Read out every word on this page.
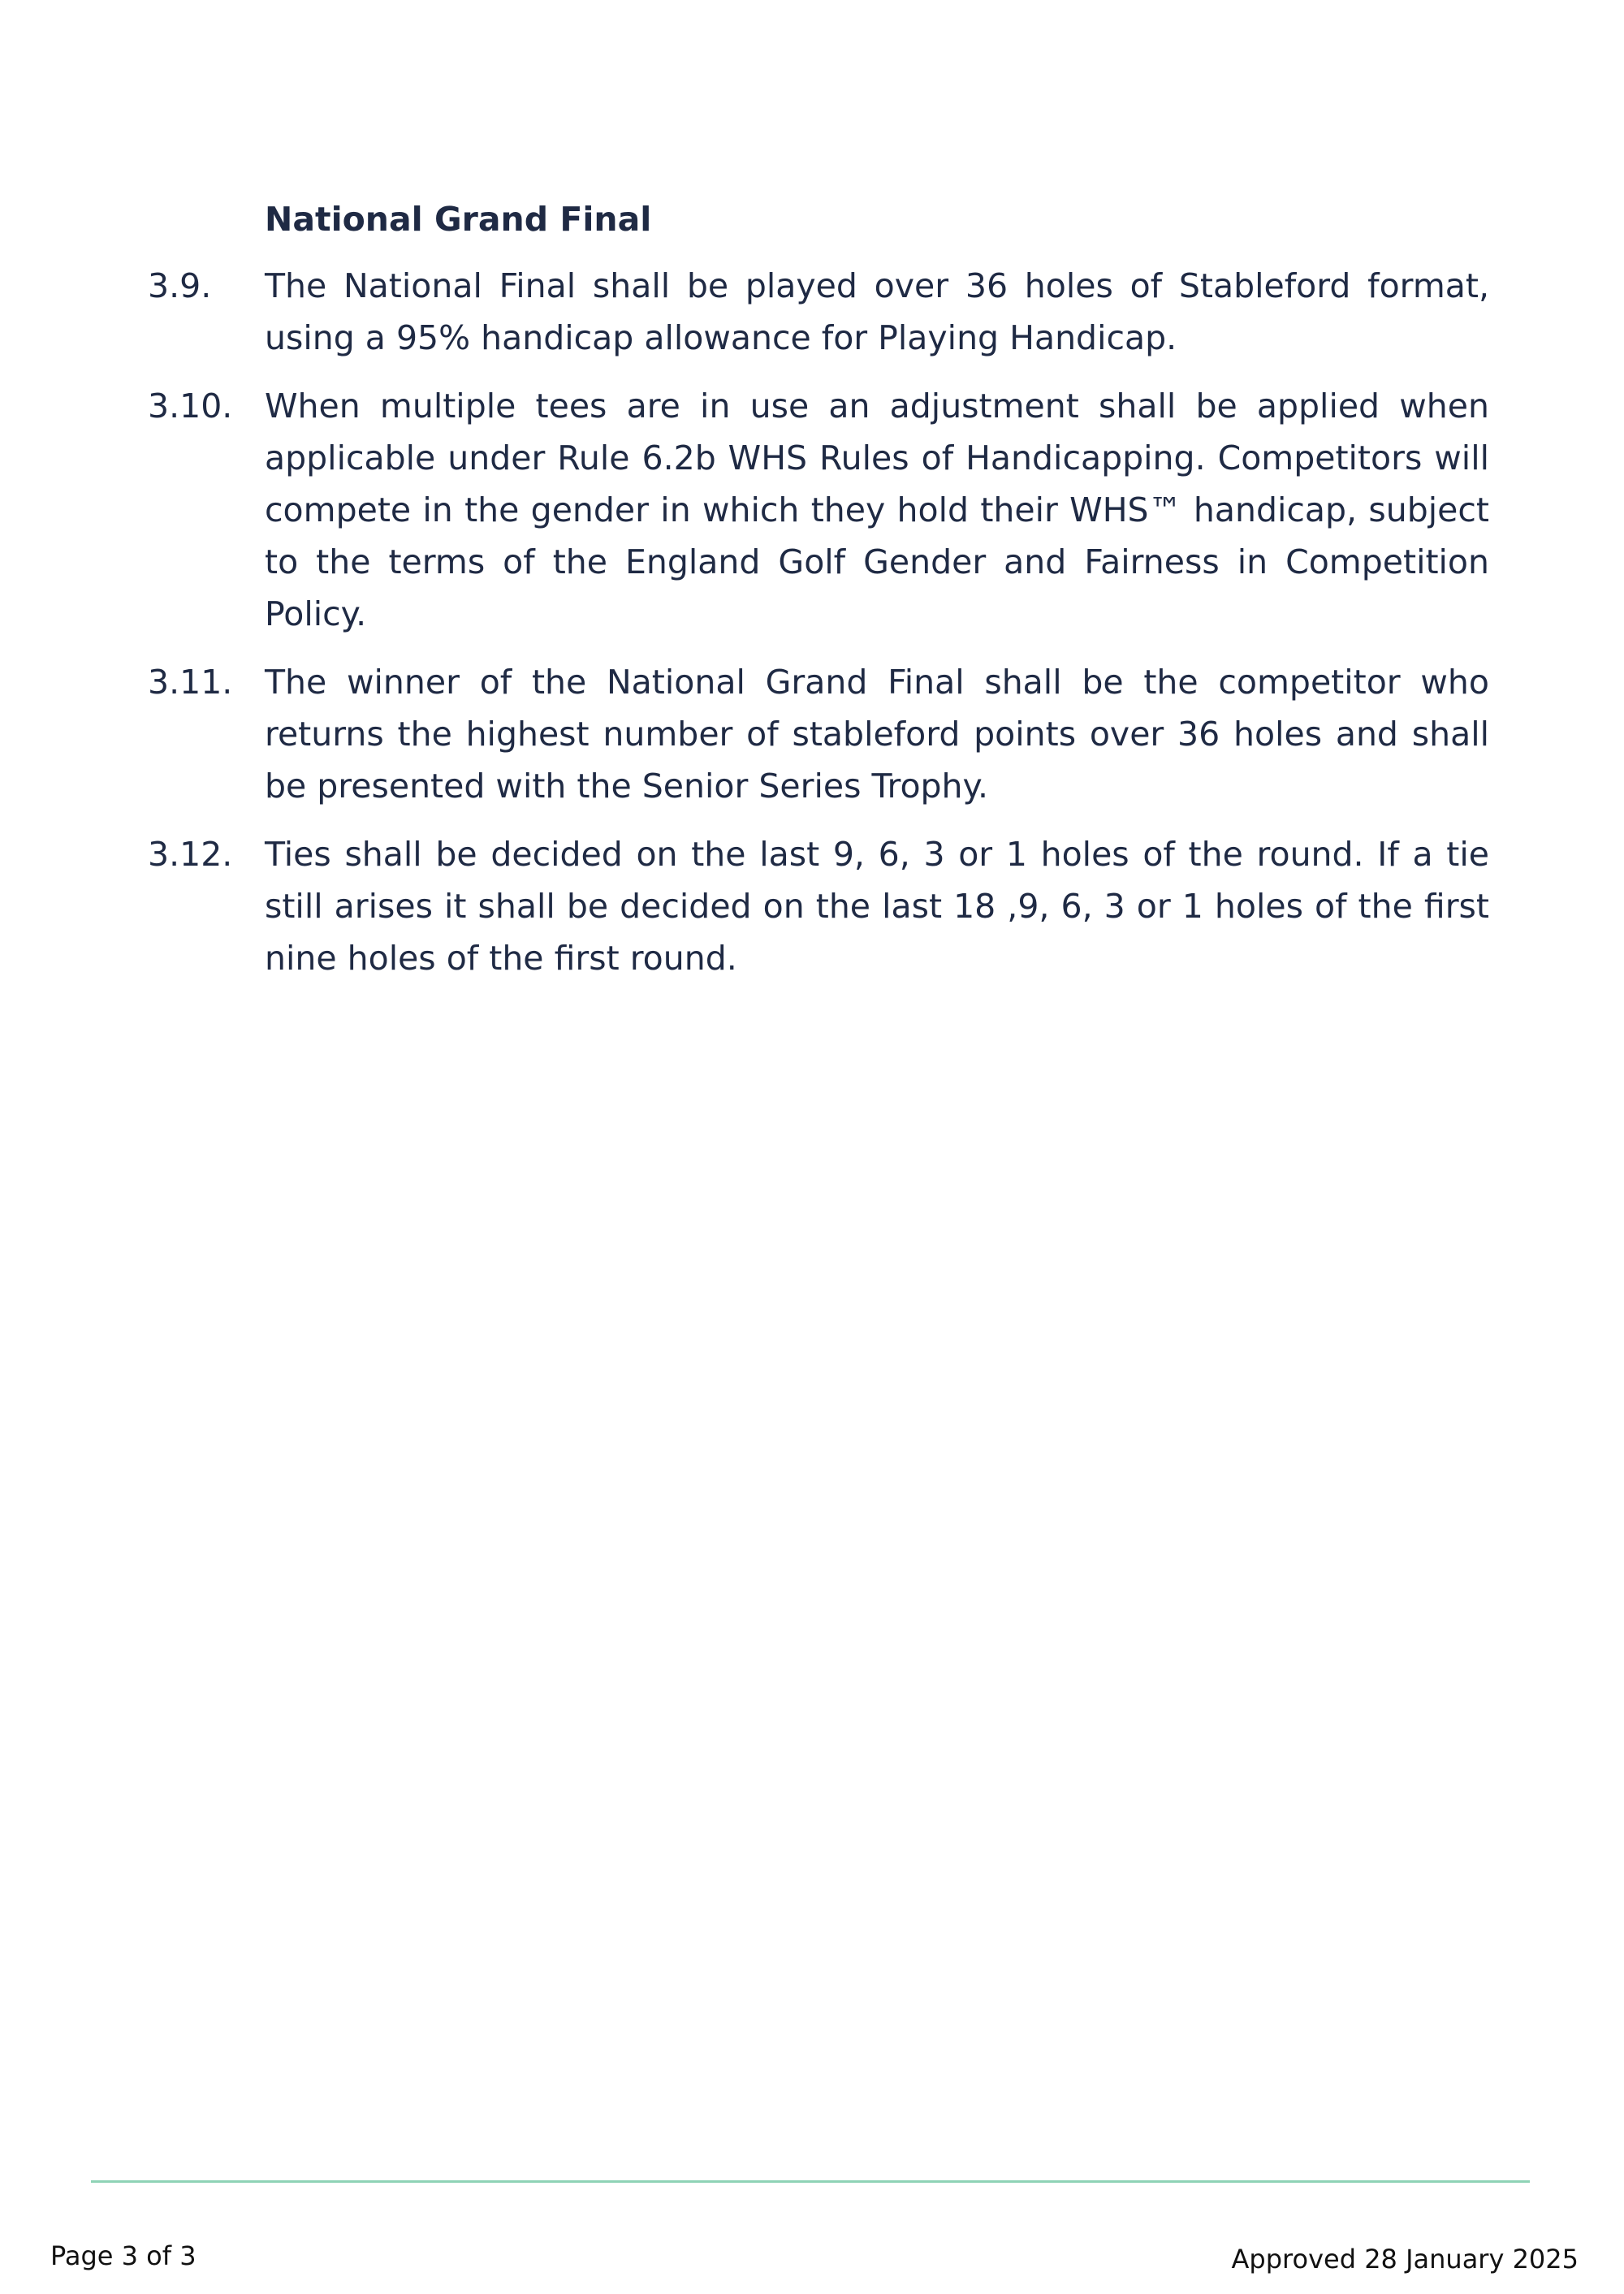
National Grand Final
3.9. The National Final shall be played over 36 holes of Stableford format, using a 95% handicap allowance for Playing Handicap.

3.10. When multiple tees are in use an adjustment shall be applied when applicable under Rule 6.2b WHS Rules of Handicapping. Competitors will compete in the gender in which they hold their WHS™ handicap, subject to the terms of the England Golf Gender and Fairness in Competition Policy.

3.11. The winner of the National Grand Final shall be the competitor who returns the highest number of stableford points over 36 holes and shall be presented with the Senior Series Trophy.

3.12. Ties shall be decided on the last 9, 6, 3 or 1 holes of the round. If a tie still arises it shall be decided on the last 18 ,9, 6, 3 or 1 holes of the first nine holes of the first round.

Page 3 of 3	Approved 28 January 2025
